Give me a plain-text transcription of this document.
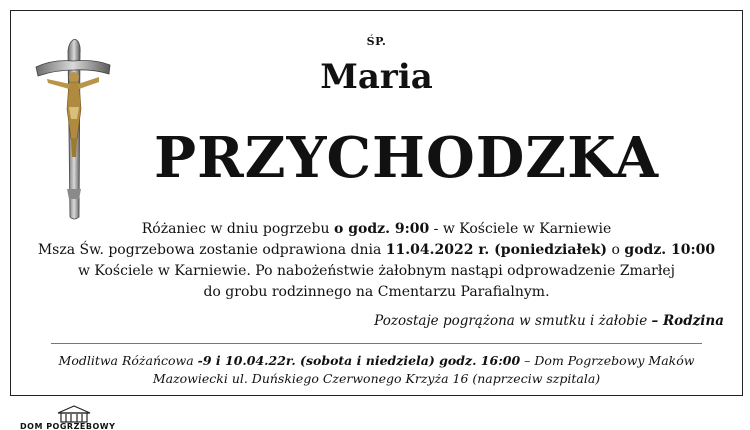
ŚP.
Maria
PRZYCHODZKA
Różaniec w dniu pogrzebu o godz. 9:00 - w Kościele w Karniewie
Msza Św. pogrzebowa zostanie odprawiona dnia 11.04.2022 r. (poniedziałek) o godz. 10:00
w Kościele w Karniewie. Po nabożeństwie żałobnym nastąpi odprowadzenie Zmarłej
do grobu rodzinnego na Cmentarzu Parafialnym.
Pozostaje pogrążona w smutku i żałobie – Rodzina
Modlitwa Różańcowa -9 i 10.04.22r. (sobota i niedziela) godz. 16:00 – Dom Pogrzebowy Maków
Mazowiecki ul. Duńskiego Czerwonego Krzyża 16 (naprzeciw szpitala)
DOM POGRZEBOWY
